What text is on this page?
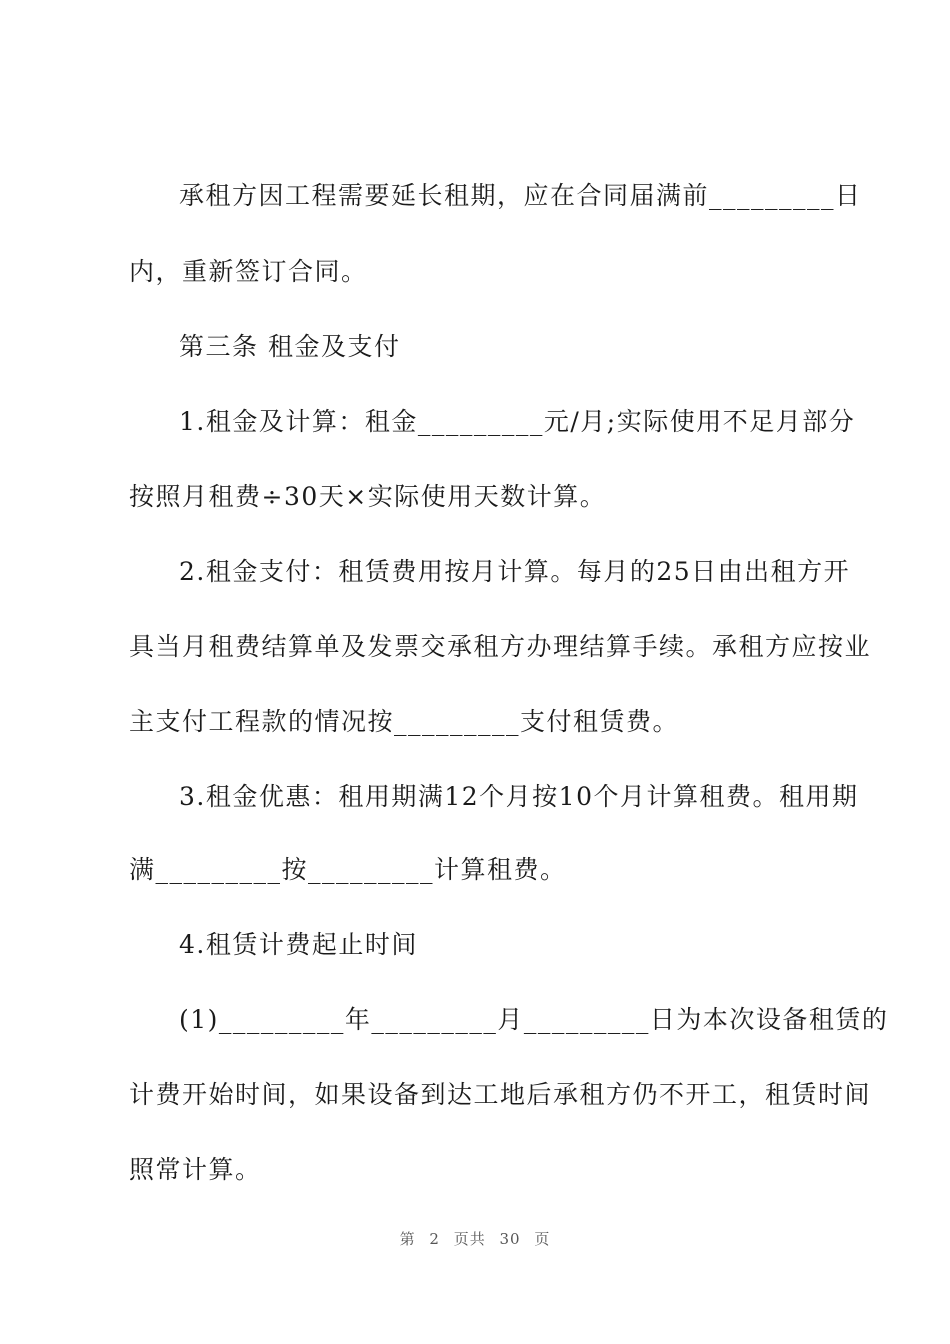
承租方因工程需要延长租期，应在合同届满前_________日
内，重新签订合同。
第三条 租金及支付
1.租金及计算：租金_________元/月;实际使用不足月部分
按照月租费÷30天×实际使用天数计算。
2.租金支付：租赁费用按月计算。每月的25日由出租方开
具当月租费结算单及发票交承租方办理结算手续。承租方应按业
主支付工程款的情况按_________支付租赁费。
3.租金优惠：租用期满12个月按10个月计算租费。租用期
满_________按_________计算租费。
4.租赁计费起止时间
(1)_________年_________月_________日为本次设备租赁的
计费开始时间，如果设备到达工地后承租方仍不开工，租赁时间
照常计算。
第 2 页共 30 页
